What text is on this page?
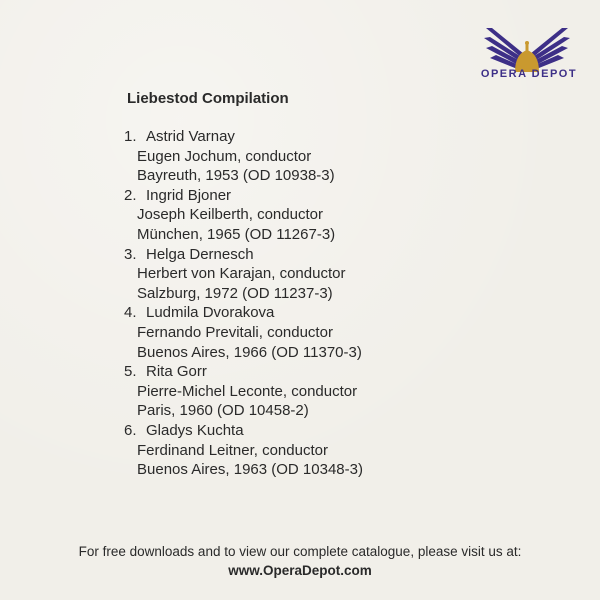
OPERA DEPOT
Liebestod Compilation
1. Astrid Varnay
Eugen Jochum, conductor
Bayreuth, 1953 (OD 10938-3)
2. Ingrid Bjoner
Joseph Keilberth, conductor
München, 1965 (OD 11267-3)
3. Helga Dernesch
Herbert von Karajan, conductor
Salzburg, 1972 (OD 11237-3)
4. Ludmila Dvorakova
Fernando Previtali, conductor
Buenos Aires, 1966 (OD 11370-3)
5. Rita Gorr
Pierre-Michel Leconte, conductor
Paris, 1960 (OD 10458-2)
6. Gladys Kuchta
Ferdinand Leitner, conductor
Buenos Aires, 1963 (OD 10348-3)
For free downloads and to view our complete catalogue, please visit us at:
www.OperaDepot.com
